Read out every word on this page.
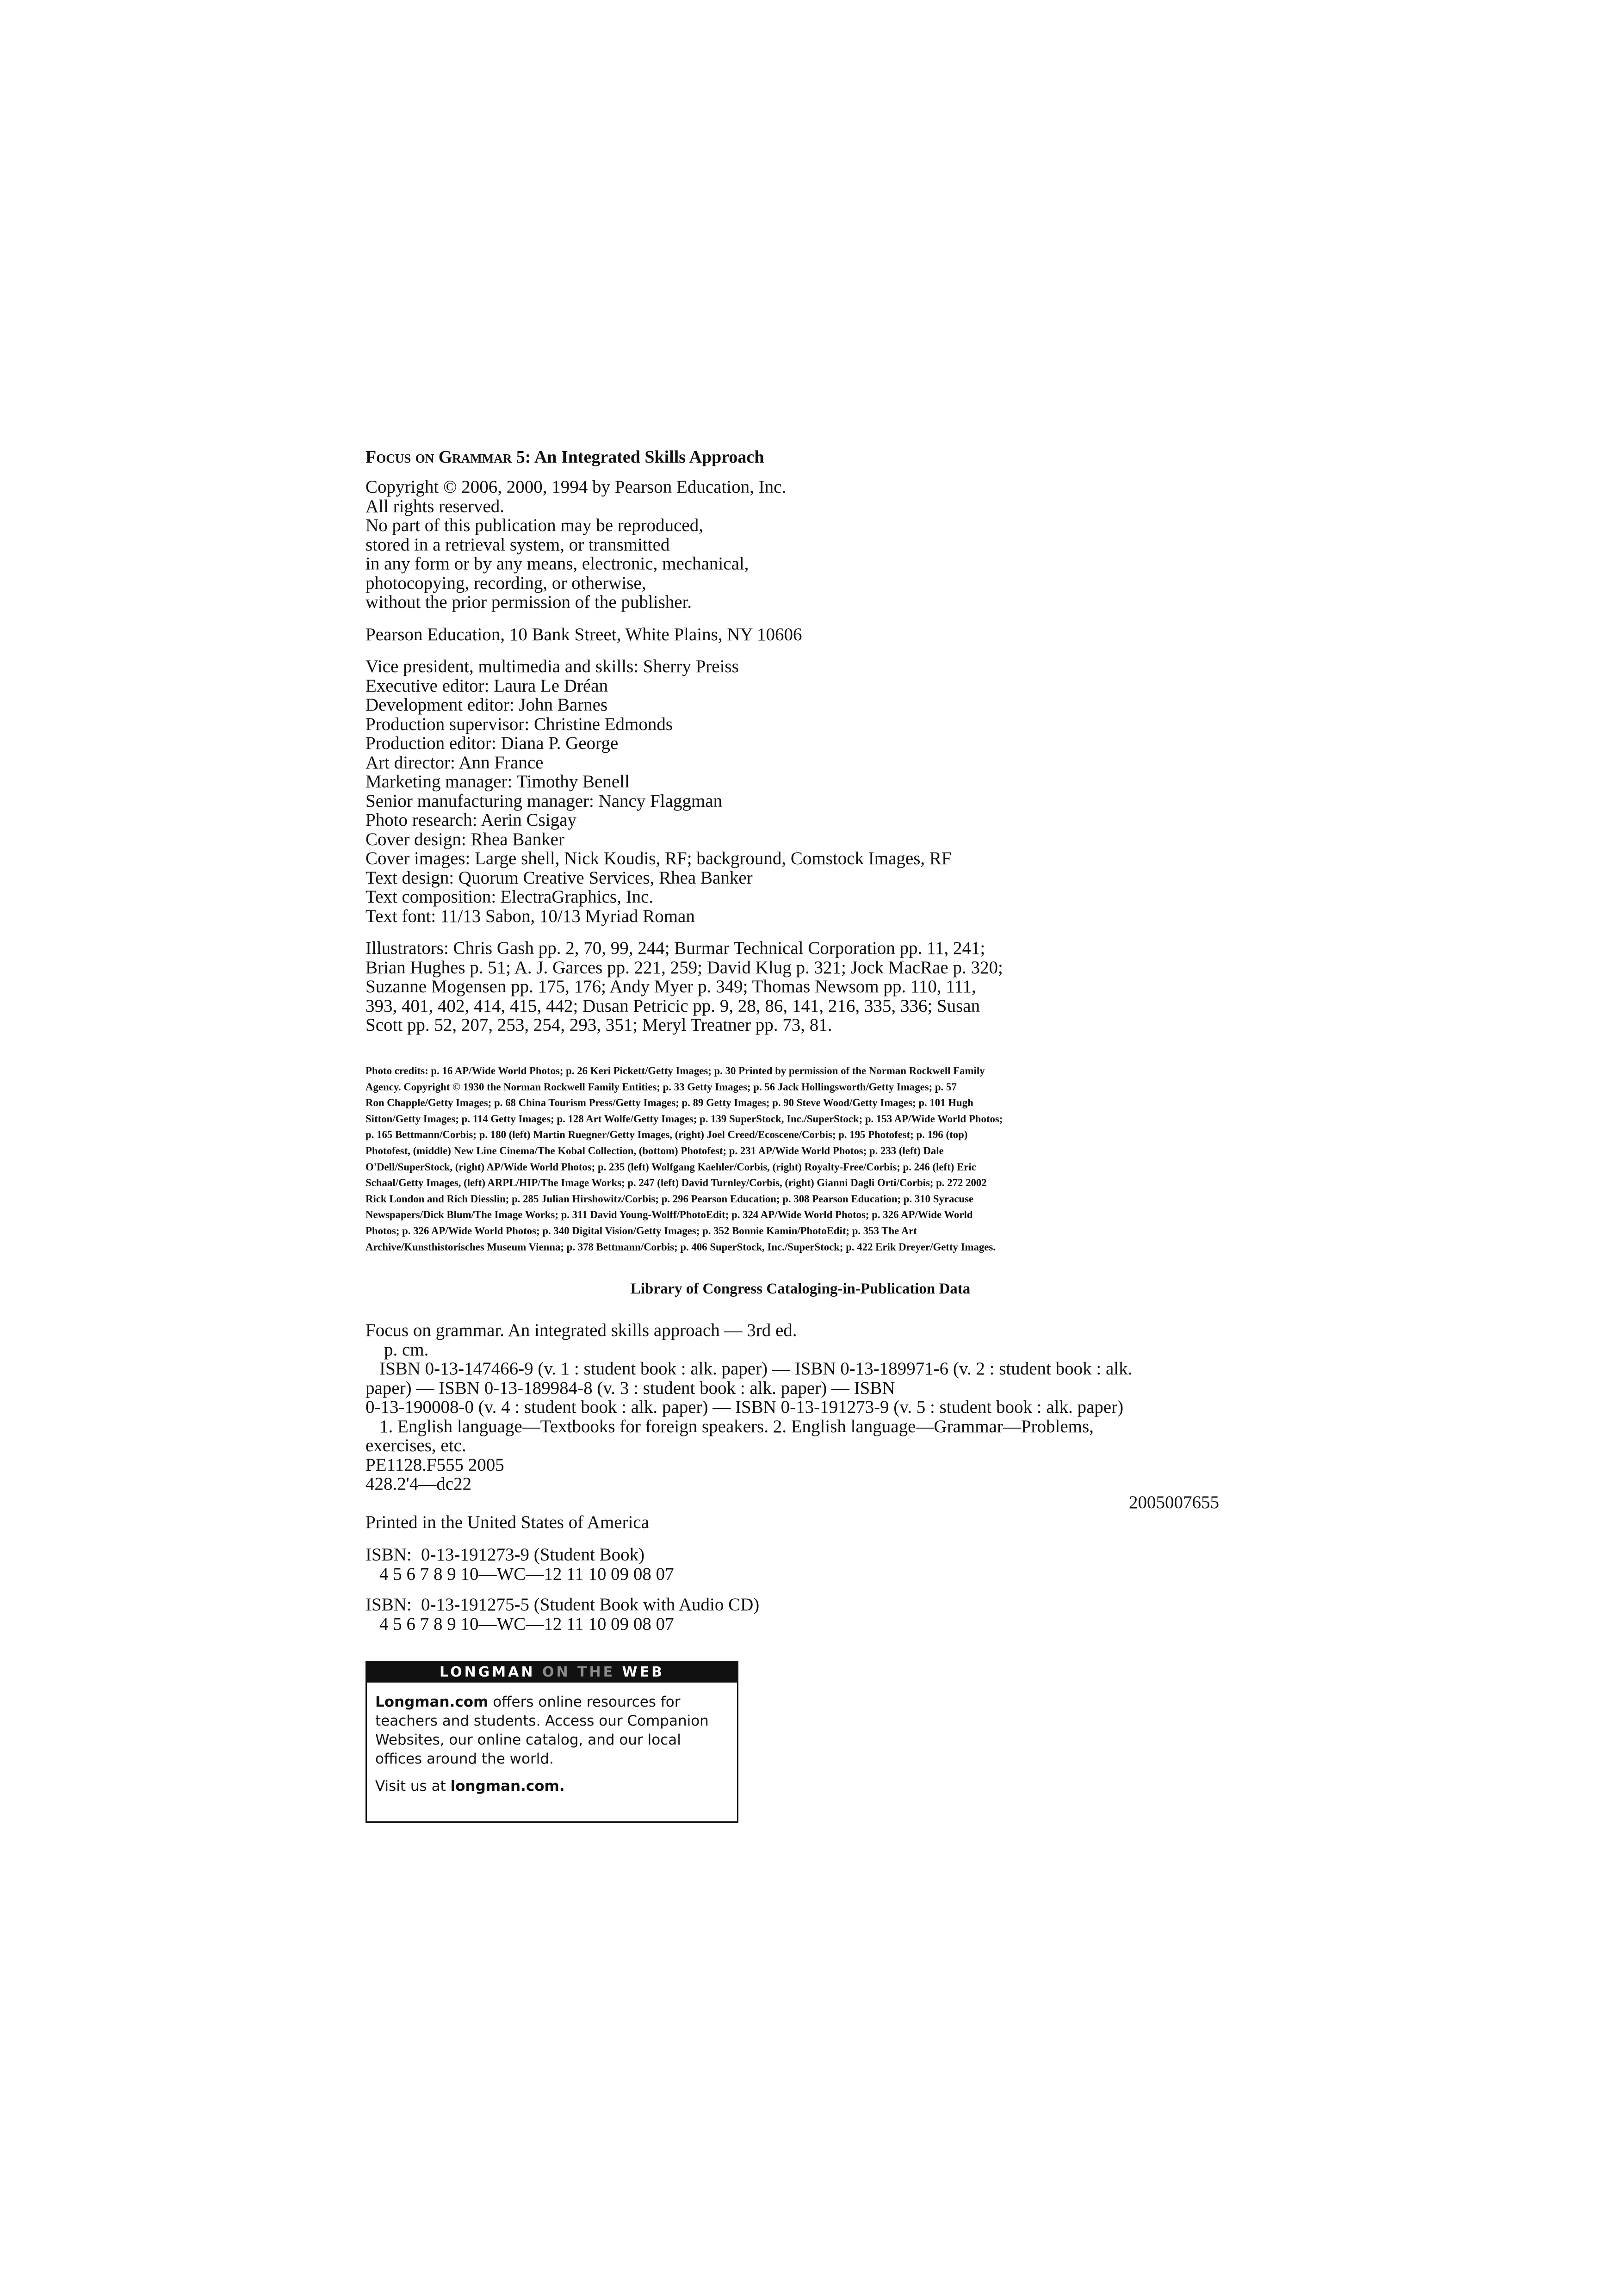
Focus on Grammar 5: An Integrated Skills Approach
Copyright © 2006, 2000, 1994 by Pearson Education, Inc.
All rights reserved.
No part of this publication may be reproduced,
stored in a retrieval system, or transmitted
in any form or by any means, electronic, mechanical,
photocopying, recording, or otherwise,
without the prior permission of the publisher.
Pearson Education, 10 Bank Street, White Plains, NY 10606
Vice president, multimedia and skills: Sherry Preiss
Executive editor: Laura Le Dréan
Development editor: John Barnes
Production supervisor: Christine Edmonds
Production editor: Diana P. George
Art director: Ann France
Marketing manager: Timothy Benell
Senior manufacturing manager: Nancy Flaggman
Photo research: Aerin Csigay
Cover design: Rhea Banker
Cover images: Large shell, Nick Koudis, RF; background, Comstock Images, RF
Text design: Quorum Creative Services, Rhea Banker
Text composition: ElectraGraphics, Inc.
Text font: 11/13 Sabon, 10/13 Myriad Roman
Illustrators: Chris Gash pp. 2, 70, 99, 244; Burmar Technical Corporation pp. 11, 241;
Brian Hughes p. 51; A. J. Garces pp. 221, 259; David Klug p. 321; Jock MacRae p. 320;
Suzanne Mogensen pp. 175, 176; Andy Myer p. 349; Thomas Newsom pp. 110, 111,
393, 401, 402, 414, 415, 442; Dusan Petricic pp. 9, 28, 86, 141, 216, 335, 336; Susan
Scott pp. 52, 207, 253, 254, 293, 351; Meryl Treatner pp. 73, 81.
Photo credits: p. 16 AP/Wide World Photos; p. 26 Keri Pickett/Getty Images; p. 30 Printed by permission of the Norman Rockwell Family
Agency. Copyright © 1930 the Norman Rockwell Family Entities; p. 33 Getty Images; p. 56 Jack Hollingsworth/Getty Images; p. 57
Ron Chapple/Getty Images; p. 68 China Tourism Press/Getty Images; p. 89 Getty Images; p. 90 Steve Wood/Getty Images; p. 101 Hugh
Sitton/Getty Images; p. 114 Getty Images; p. 128 Art Wolfe/Getty Images; p. 139 SuperStock, Inc./SuperStock; p. 153 AP/Wide World Photos;
p. 165 Bettmann/Corbis; p. 180 (left) Martin Ruegner/Getty Images, (right) Joel Creed/Ecoscene/Corbis; p. 195 Photofest; p. 196 (top)
Photofest, (middle) New Line Cinema/The Kobal Collection, (bottom) Photofest; p. 231 AP/Wide World Photos; p. 233 (left) Dale
O'Dell/SuperStock, (right) AP/Wide World Photos; p. 235 (left) Wolfgang Kaehler/Corbis, (right) Royalty-Free/Corbis; p. 246 (left) Eric
Schaal/Getty Images, (left) ARPL/HIP/The Image Works; p. 247 (left) David Turnley/Corbis, (right) Gianni Dagli Orti/Corbis; p. 272 2002
Rick London and Rich Diesslin; p. 285 Julian Hirshowitz/Corbis; p. 296 Pearson Education; p. 308 Pearson Education; p. 310 Syracuse
Newspapers/Dick Blum/The Image Works; p. 311 David Young-Wolff/PhotoEdit; p. 324 AP/Wide World Photos; p. 326 AP/Wide World
Photos; p. 326 AP/Wide World Photos; p. 340 Digital Vision/Getty Images; p. 352 Bonnie Kamin/PhotoEdit; p. 353 The Art
Archive/Kunsthistorisches Museum Vienna; p. 378 Bettmann/Corbis; p. 406 SuperStock, Inc./SuperStock; p. 422 Erik Dreyer/Getty Images.
Library of Congress Cataloging-in-Publication Data
Focus on grammar. An integrated skills approach — 3rd ed.
p. cm.
ISBN 0-13-147466-9 (v. 1 : student book : alk. paper) — ISBN 0-13-189971-6 (v. 2 : student book : alk.
paper) — ISBN 0-13-189984-8 (v. 3 : student book : alk. paper) — ISBN
0-13-190008-0 (v. 4 : student book : alk. paper) — ISBN 0-13-191273-9 (v. 5 : student book : alk. paper)
1. English language—Textbooks for foreign speakers. 2. English language—Grammar—Problems,
exercises, etc.
PE1128.F555 2005
428.2'4—dc22
2005007655
Printed in the United States of America
ISBN: 0-13-191273-9 (Student Book)
4 5 6 7 8 9 10—WC—12 11 10 09 08 07
ISBN: 0-13-191275-5 (Student Book with Audio CD)
4 5 6 7 8 9 10—WC—12 11 10 09 08 07
LONGMAN ON THE WEB
Longman.com offers online resources for
teachers and students. Access our Companion
Websites, our online catalog, and our local
offices around the world.
Visit us at longman.com.
